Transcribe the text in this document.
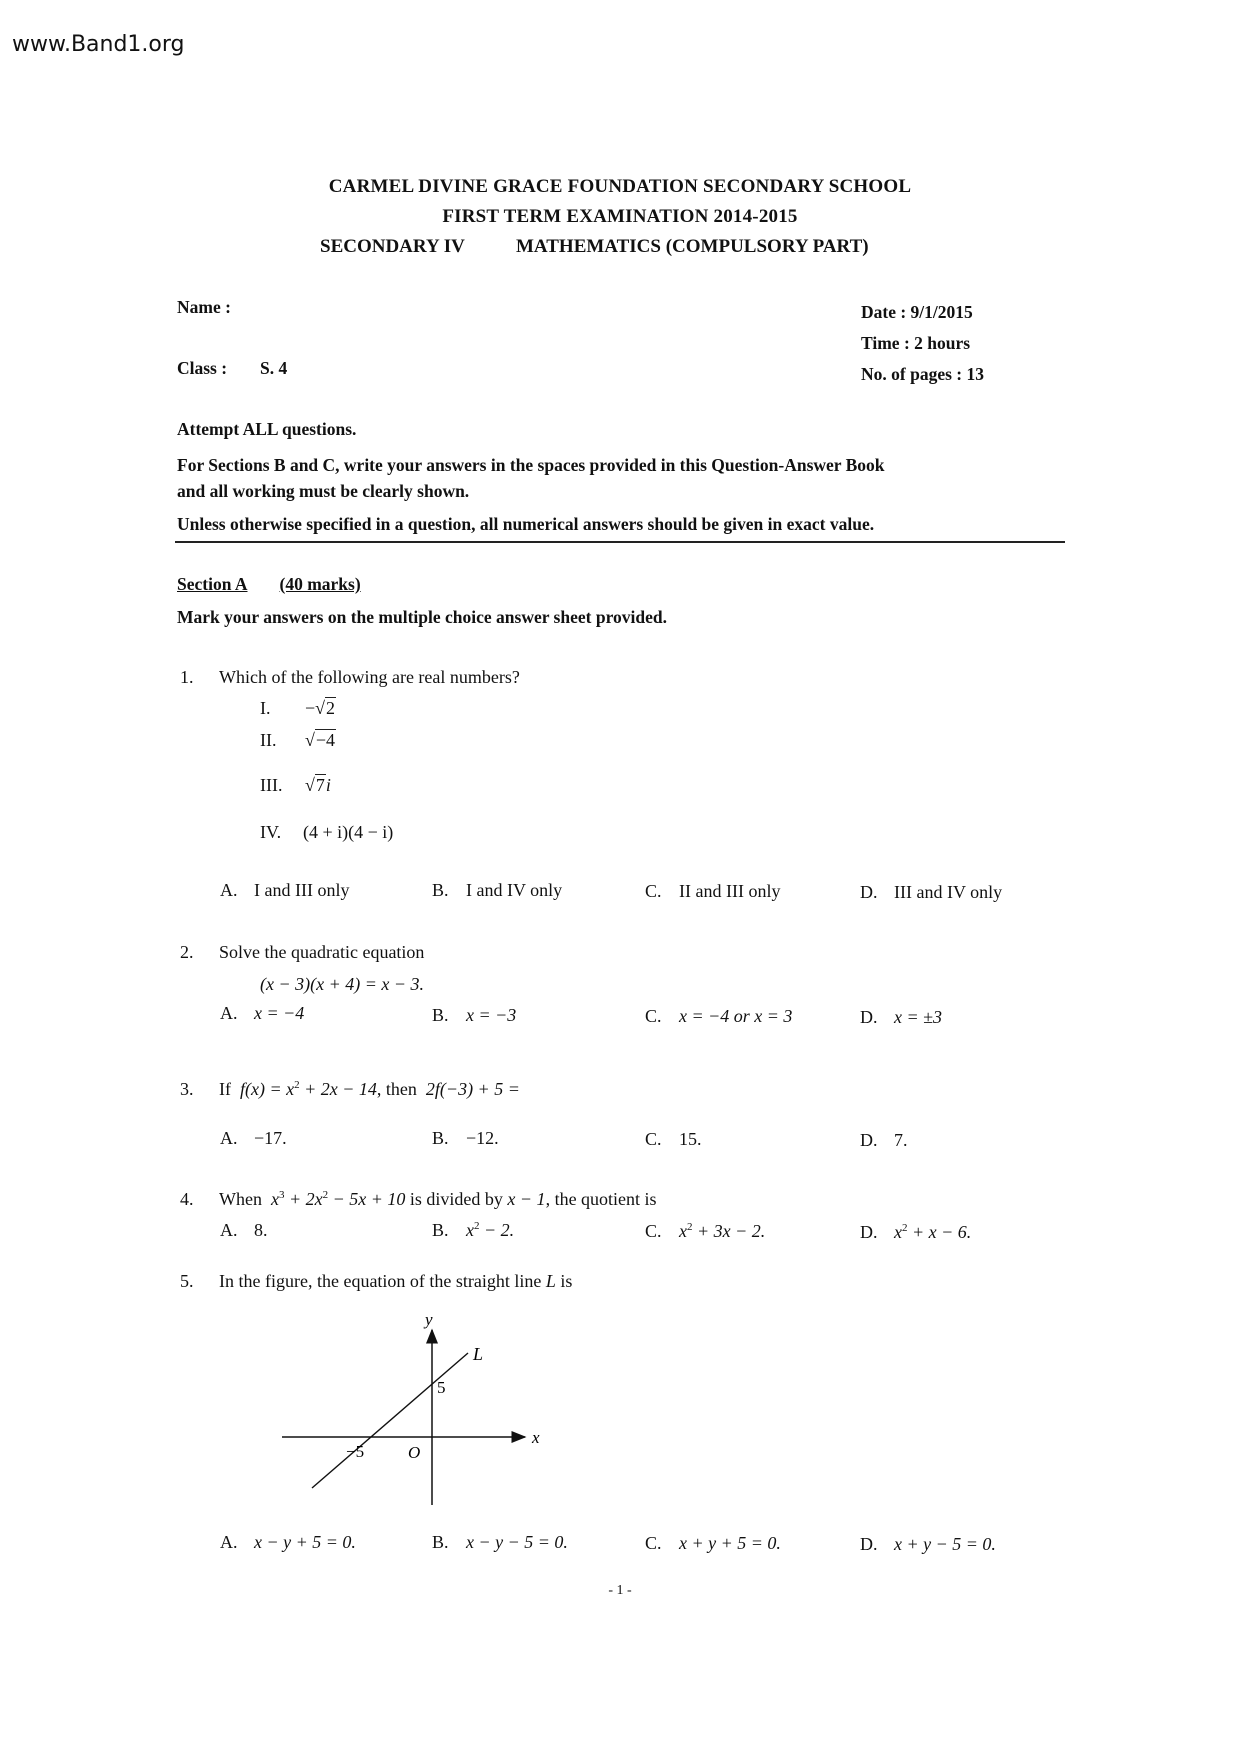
www.Band1.org
CARMEL DIVINE GRACE FOUNDATION SECONDARY SCHOOL
FIRST TERM EXAMINATION 2014-2015
SECONDARY IV	MATHEMATICS (COMPULSORY PART)
Name :
Class : S. 4
Date : 9/1/2015
Time : 2 hours
No. of pages : 13
Attempt ALL questions.
For Sections B and C, write your answers in the spaces provided in this Question-Answer Book
and all working must be clearly shown.
Unless otherwise specified in a question, all numerical answers should be given in exact value.
Section A (40 marks)
Mark your answers on the multiple choice answer sheet provided.
1. Which of the following are real numbers?
I. −√2
II. √−4
III. √7i
IV. (4 + i)(4 − i)
A. I and III only	B. I and IV only	C. II and III only	D. III and IV only
2. Solve the quadratic equation
(x − 3)(x + 4) = x − 3.
A. x = −4	B. x = −3	C. x = −4 or x = 3	D. x = ±3
3. If $f(x) = x^2 + 2x - 14$, then 2f(−3) + 5 =
A. −17.	B. −12.	C. 15.	D. 7.
4. When $x^3 + 2x^2 - 5x + 10$ is divided by x − 1, the quotient is
A. 8.	B. $x^2 - 2$.	C. $x^2 + 3x - 2$.	D. $x^2 + x - 6$.
5. In the figure, the equation of the straight line L is
y
x
L
5
−5	O
A. x − y + 5 = 0.	B. x − y − 5 = 0.	C. x + y + 5 = 0.	D. x + y − 5 = 0.
- 1 -
